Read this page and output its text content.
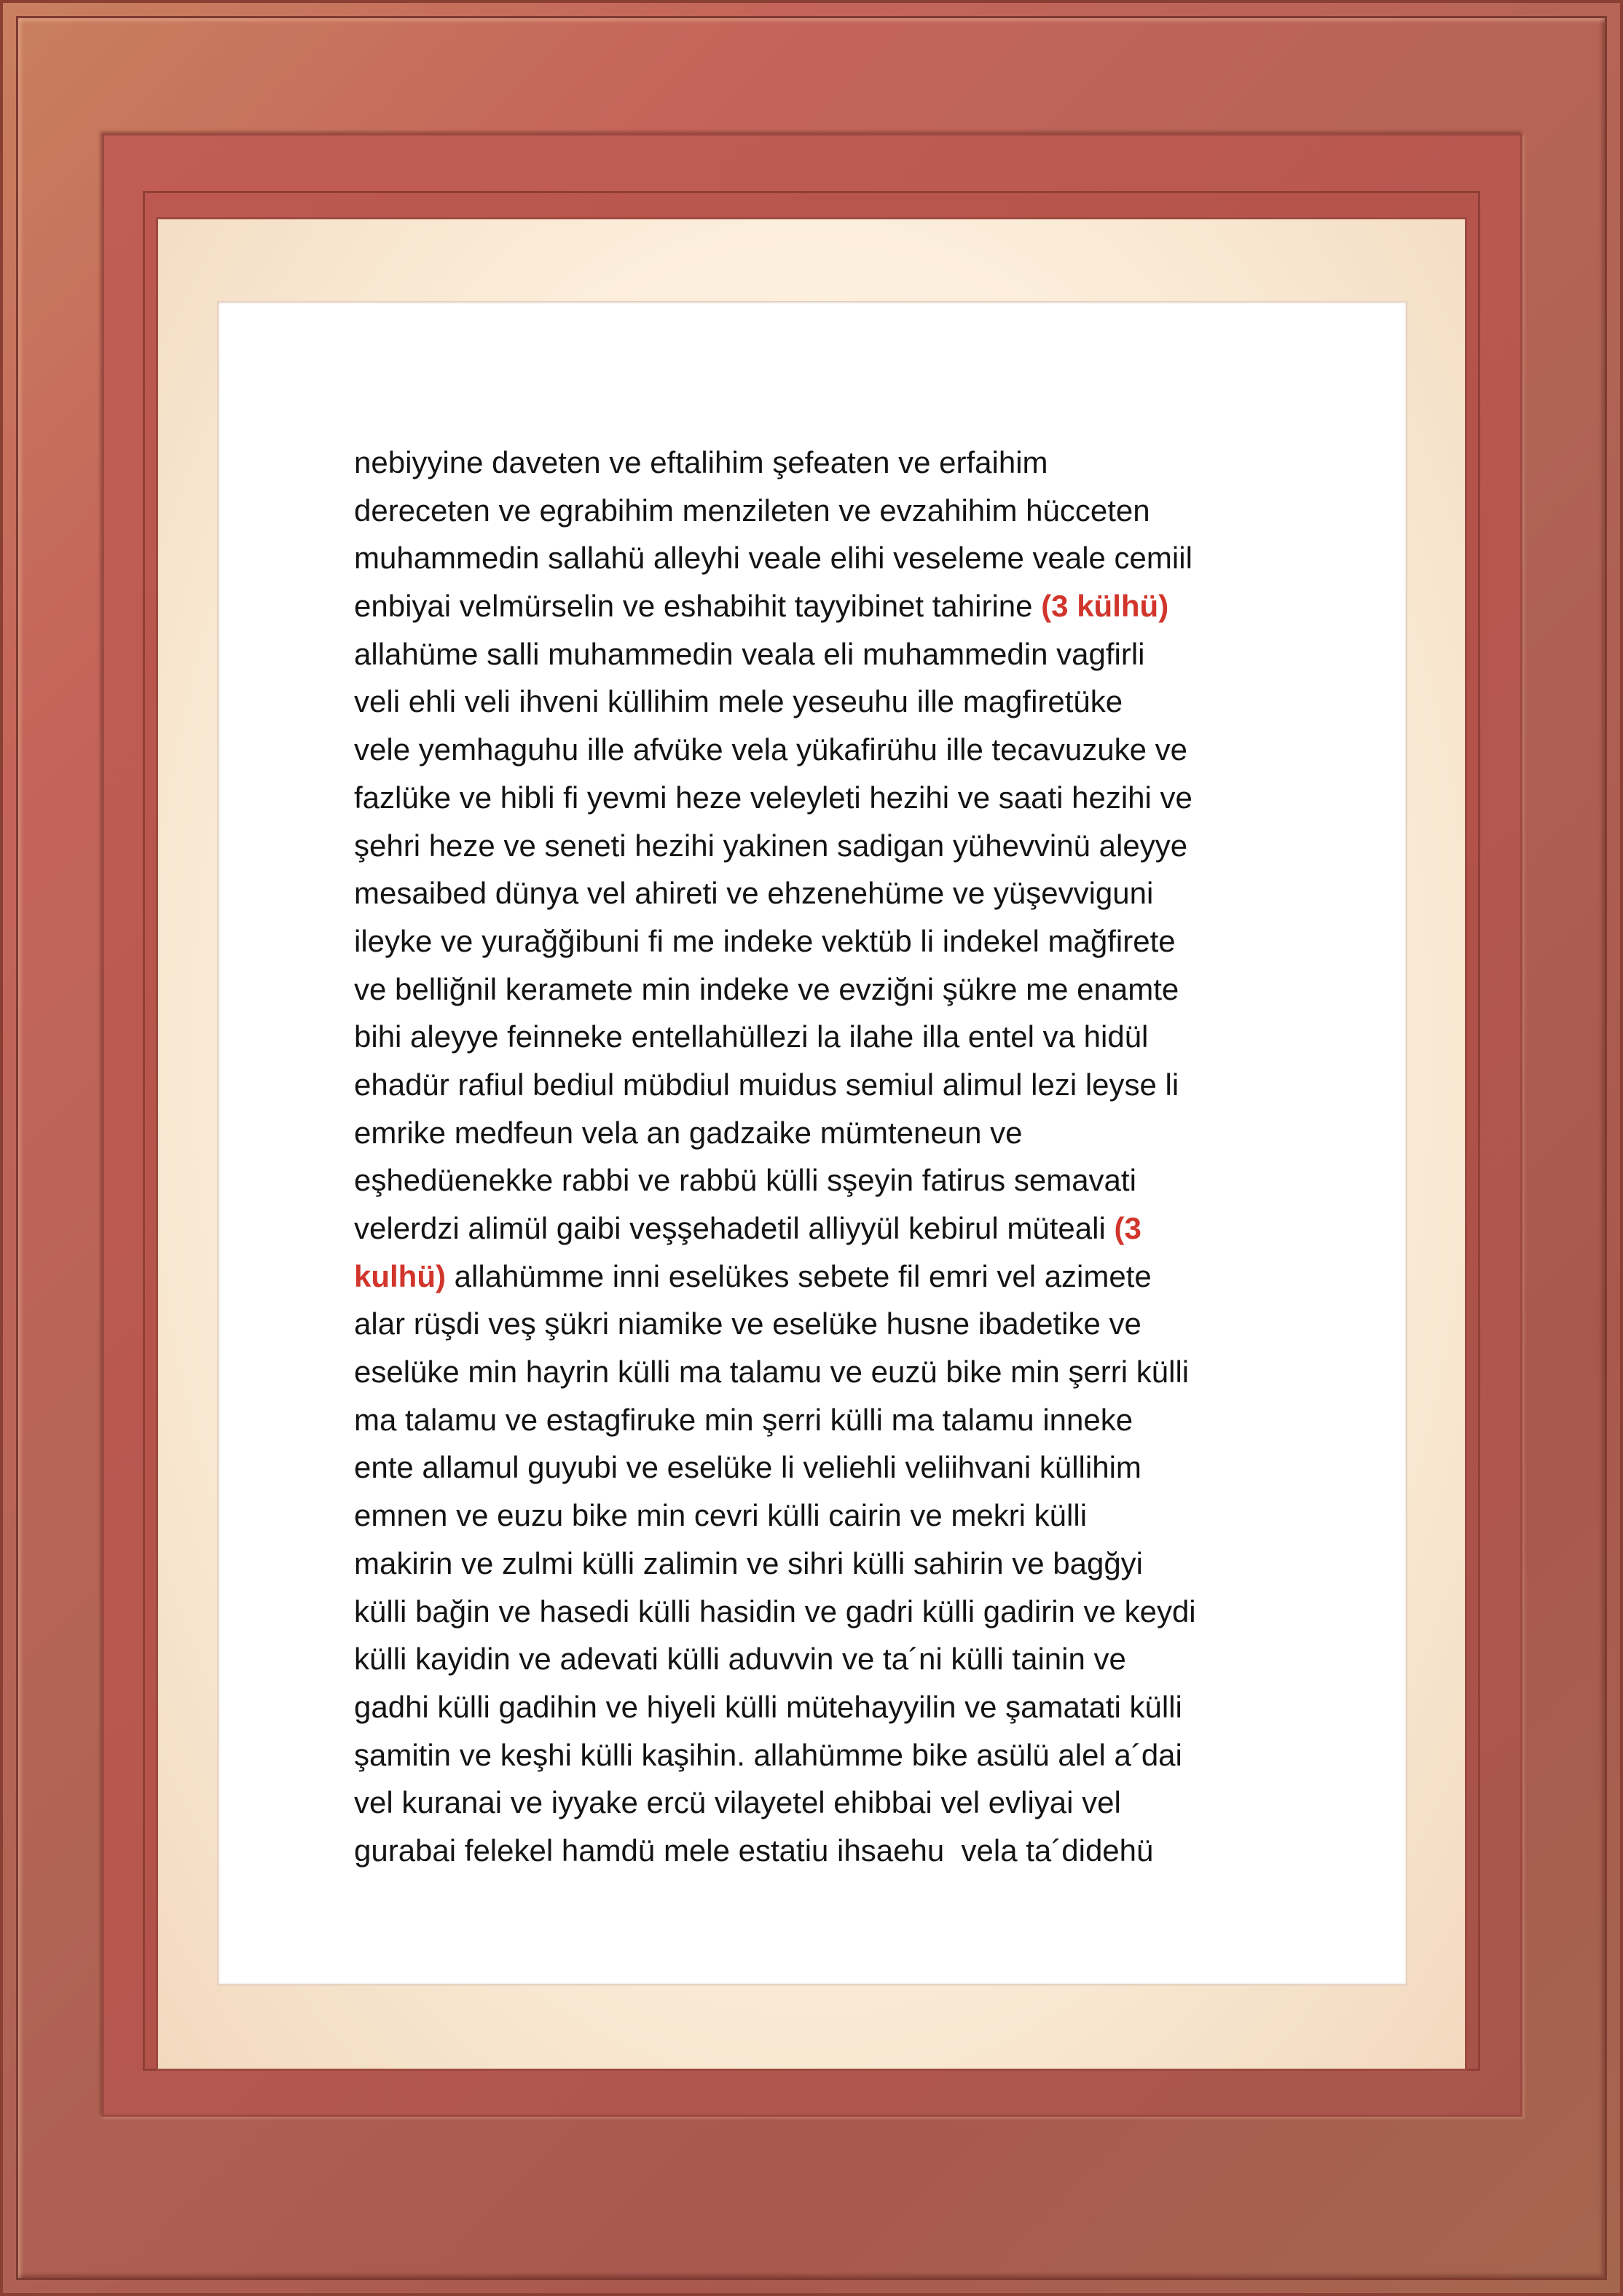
nebiyyine daveten ve eftalihim şefeaten ve erfaihim
dereceten ve egrabihim menzileten ve evzahihim hücceten
muhammedin sallahü alleyhi veale elihi veseleme veale cemiil
enbiyai velmürselin ve eshabihit tayyibinet tahirine (3 külhü)
allahüme salli muhammedin veala eli muhammedin vagfirli
veli ehli veli ihveni küllihim mele yeseuhu ille magfiretüke
vele yemhaguhu ille afvüke vela yükafirühu ille tecavuzuke ve
fazlüke ve hibli fi yevmi heze veleyleti hezihi ve saati hezihi ve
şehri heze ve seneti hezihi yakinen sadigan yühevvinü aleyye
mesaibed dünya vel ahireti ve ehzenehüme ve yüşevviguni
ileyke ve yurağğibuni fi me indeke vektüb li indekel mağfirete
ve belliğnil keramete min indeke ve evziğni şükre me enamte
bihi aleyye feinneke entellahüllezi la ilahe illa entel va hidül
ehadür rafiul bediul mübdiul muidus semiul alimul lezi leyse li
emrike medfeun vela an gadzaike mümteneun ve
eşhedüenekke rabbi ve rabbü külli sşeyin fatirus semavati
velerdzi alimül gaibi veşşehadetil alliyyül kebirul müteali (3
kulhü) allahümme inni eselükes sebete fil emri vel azimete
alar rüşdi veş şükri niamike ve eselüke husne ibadetike ve
eselüke min hayrin külli ma talamu ve euzü bike min şerri külli
ma talamu ve estagfiruke min şerri külli ma talamu inneke
ente allamul guyubi ve eselüke li veliehli veliihvani küllihim
emnen ve euzu bike min cevri külli cairin ve mekri külli
makirin ve zulmi külli zalimin ve sihri külli sahirin ve bagğyi
külli bağin ve hasedi külli hasidin ve gadri külli gadirin ve keydi
külli kayidin ve adevati külli aduvvin ve ta´ni külli tainin ve
gadhi külli gadihin ve hiyeli külli mütehayyilin ve şamatati külli
şamitin ve keşhi külli kaşihin. allahümme bike asülü alel a´dai
vel kuranai ve iyyake ercü vilayetel ehibbai vel evliyai vel
gurabai felekel hamdü mele estatiu ihsaehu  vela ta´didehü
